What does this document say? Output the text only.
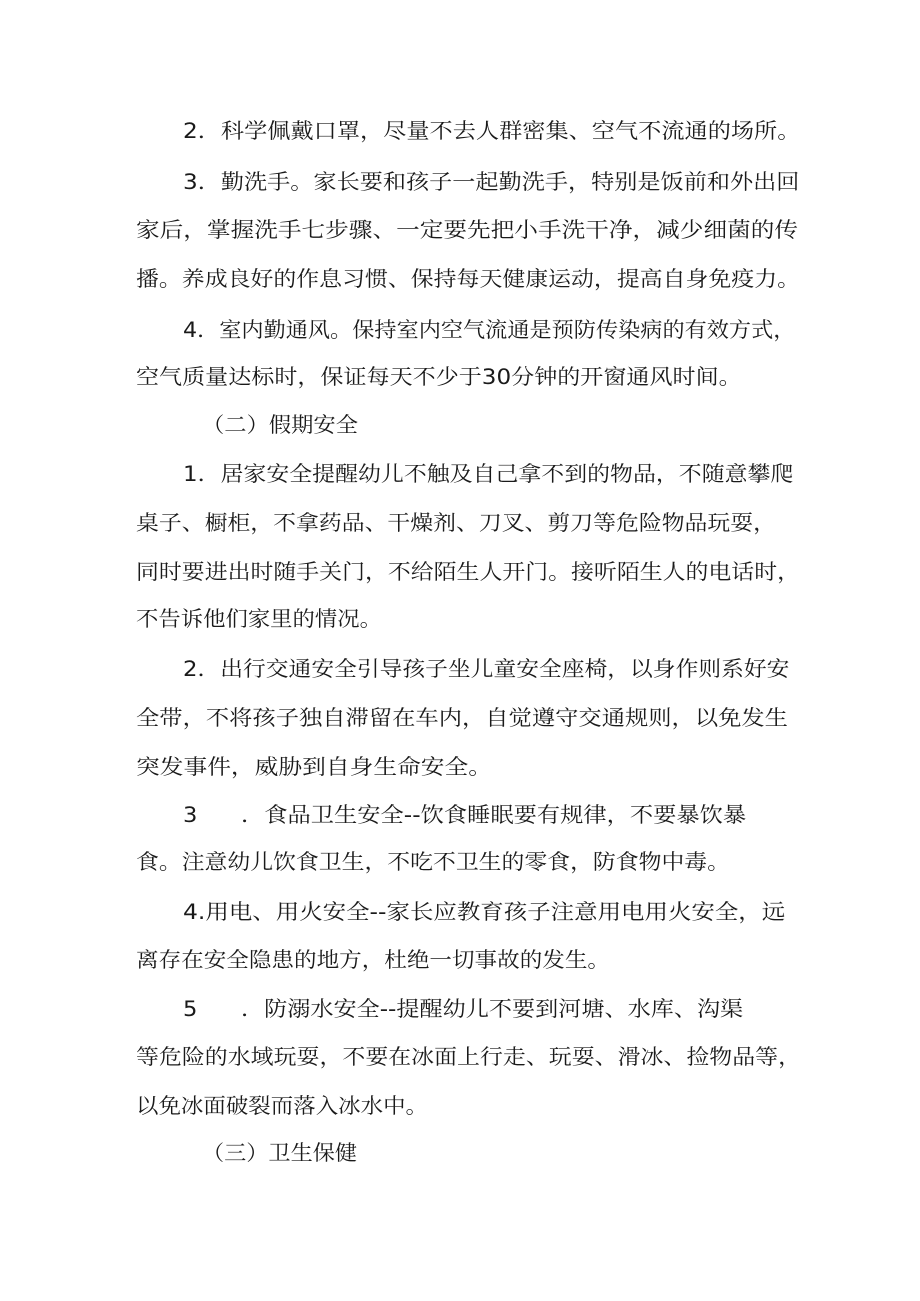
2．科学佩戴口罩，尽量不去人群密集、空气不流通的场所。

3．勤洗手。家长要和孩子一起勤洗手，特别是饭前和外出回

家后，掌握洗手七步骤、一定要先把小手洗干净，减少细菌的传

播。养成良好的作息习惯、保持每天健康运动，提高自身免疫力。

4．室内勤通风。保持室内空气流通是预防传染病的有效方式，

空气质量达标时，保证每天不少于30分钟的开窗通风时间。

（二）假期安全

1．居家安全提醒幼儿不触及自己拿不到的物品，不随意攀爬

桌子、橱柜，不拿药品、干燥剂、刀叉、剪刀等危险物品玩耍，

同时要进出时随手关门，不给陌生人开门。接听陌生人的电话时，

不告诉他们家里的情况。

2．出行交通安全引导孩子坐儿童安全座椅，以身作则系好安

全带，不将孩子独自滞留在车内，自觉遵守交通规则，以免发生

突发事件，威胁到自身生命安全。

3 ．食品卫生安全--饮食睡眠要有规律，不要暴饮暴

食。注意幼儿饮食卫生，不吃不卫生的零食，防食物中毒。

4.用电、用火安全--家长应教育孩子注意用电用火安全，远

离存在安全隐患的地方，杜绝一切事故的发生。

5 ．防溺水安全--提醒幼儿不要到河塘、水库、沟渠

等危险的水域玩耍，不要在冰面上行走、玩耍、滑冰、捡物品等，

以免冰面破裂而落入冰水中。

（三）卫生保健
